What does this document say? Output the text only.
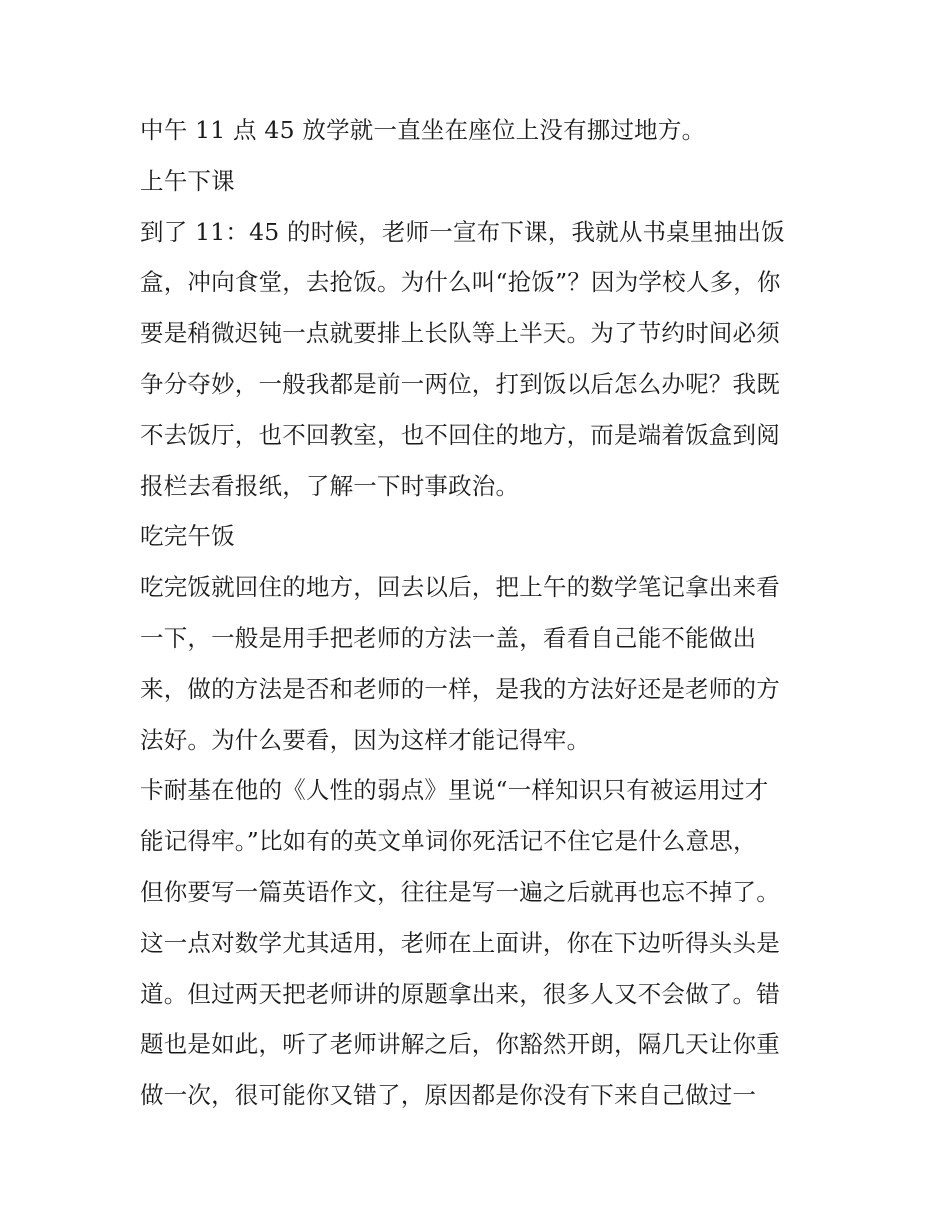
中午 11 点 45 放学就一直坐在座位上没有挪过地方。
上午下课
到了 11：45 的时候，老师一宣布下课，我就从书桌里抽出饭
盒，冲向食堂，去抢饭。为什么叫“抢饭”？因为学校人多，你
要是稍微迟钝一点就要排上长队等上半天。为了节约时间必须
争分夺妙，一般我都是前一两位，打到饭以后怎么办呢？我既
不去饭厅，也不回教室，也不回住的地方，而是端着饭盒到阅
报栏去看报纸，了解一下时事政治。
吃完午饭
吃完饭就回住的地方，回去以后，把上午的数学笔记拿出来看
一下，一般是用手把老师的方法一盖，看看自己能不能做出
来，做的方法是否和老师的一样，是我的方法好还是老师的方
法好。为什么要看，因为这样才能记得牢。
卡耐基在他的《人性的弱点》里说“一样知识只有被运用过才
能记得牢。”比如有的英文单词你死活记不住它是什么意思，
但你要写一篇英语作文，往往是写一遍之后就再也忘不掉了。
这一点对数学尤其适用，老师在上面讲，你在下边听得头头是
道。但过两天把老师讲的原题拿出来，很多人又不会做了。错
题也是如此，听了老师讲解之后，你豁然开朗，隔几天让你重
做一次，很可能你又错了，原因都是你没有下来自己做过一
